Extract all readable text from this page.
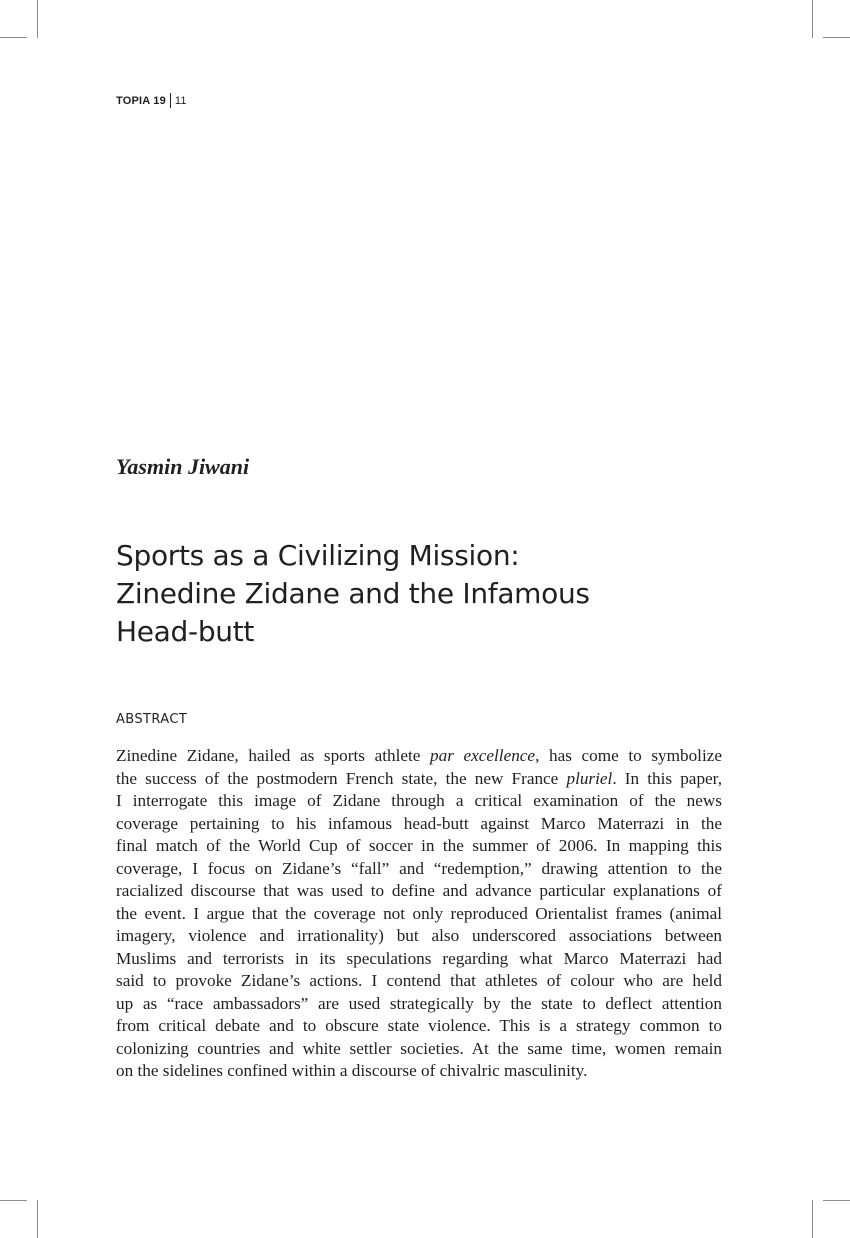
TOPIA 19 11
Yasmin Jiwani
Sports as a Civilizing Mission:
Zinedine Zidane and the Infamous
Head-butt
ABSTRACT
Zinedine Zidane, hailed as sports athlete par excellence, has come to symbolize
the success of the postmodern French state, the new France pluriel. In this paper,
I interrogate this image of Zidane through a critical examination of the news
coverage pertaining to his infamous head-butt against Marco Materrazi in the
final match of the World Cup of soccer in the summer of 2006. In mapping this
coverage, I focus on Zidane’s “fall” and “redemption,” drawing attention to the
racialized discourse that was used to define and advance particular explanations of
the event. I argue that the coverage not only reproduced Orientalist frames (animal
imagery, violence and irrationality) but also underscored associations between
Muslims and terrorists in its speculations regarding what Marco Materrazi had
said to provoke Zidane’s actions. I contend that athletes of colour who are held
up as “race ambassadors” are used strategically by the state to deflect attention
from critical debate and to obscure state violence. This is a strategy common to
colonizing countries and white settler societies. At the same time, women remain
on the sidelines confined within a discourse of chivalric masculinity.
